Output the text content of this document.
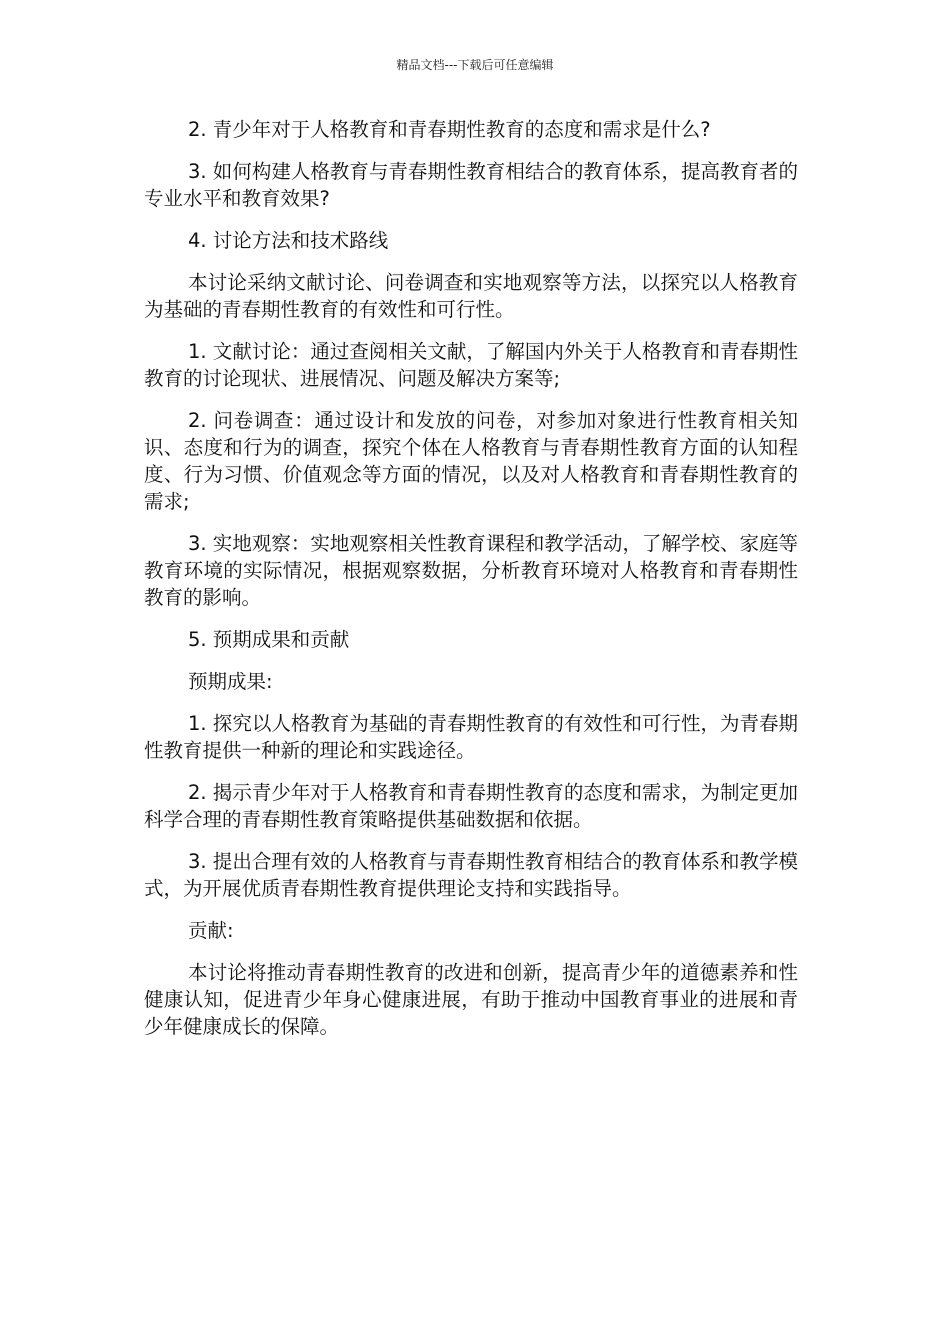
精品文档---下载后可任意编辑

2. 青少年对于人格教育和青春期性教育的态度和需求是什么?

3. 如何构建人格教育与青春期性教育相结合的教育体系，提高教育者的专业水平和教育效果?

4. 讨论方法和技术路线

本讨论采纳文献讨论、问卷调查和实地观察等方法，以探究以人格教育为基础的青春期性教育的有效性和可行性。

1. 文献讨论：通过查阅相关文献，了解国内外关于人格教育和青春期性教育的讨论现状、进展情况、问题及解决方案等;

2. 问卷调查：通过设计和发放的问卷，对参加对象进行性教育相关知识、态度和行为的调查，探究个体在人格教育与青春期性教育方面的认知程度、行为习惯、价值观念等方面的情况，以及对人格教育和青春期性教育的需求;

3. 实地观察：实地观察相关性教育课程和教学活动，了解学校、家庭等教育环境的实际情况，根据观察数据，分析教育环境对人格教育和青春期性教育的影响。

5. 预期成果和贡献

预期成果:

1. 探究以人格教育为基础的青春期性教育的有效性和可行性，为青春期性教育提供一种新的理论和实践途径。

2. 揭示青少年对于人格教育和青春期性教育的态度和需求，为制定更加科学合理的青春期性教育策略提供基础数据和依据。

3. 提出合理有效的人格教育与青春期性教育相结合的教育体系和教学模式，为开展优质青春期性教育提供理论支持和实践指导。

贡献:

本讨论将推动青春期性教育的改进和创新，提高青少年的道德素养和性健康认知，促进青少年身心健康进展，有助于推动中国教育事业的进展和青少年健康成长的保障。
